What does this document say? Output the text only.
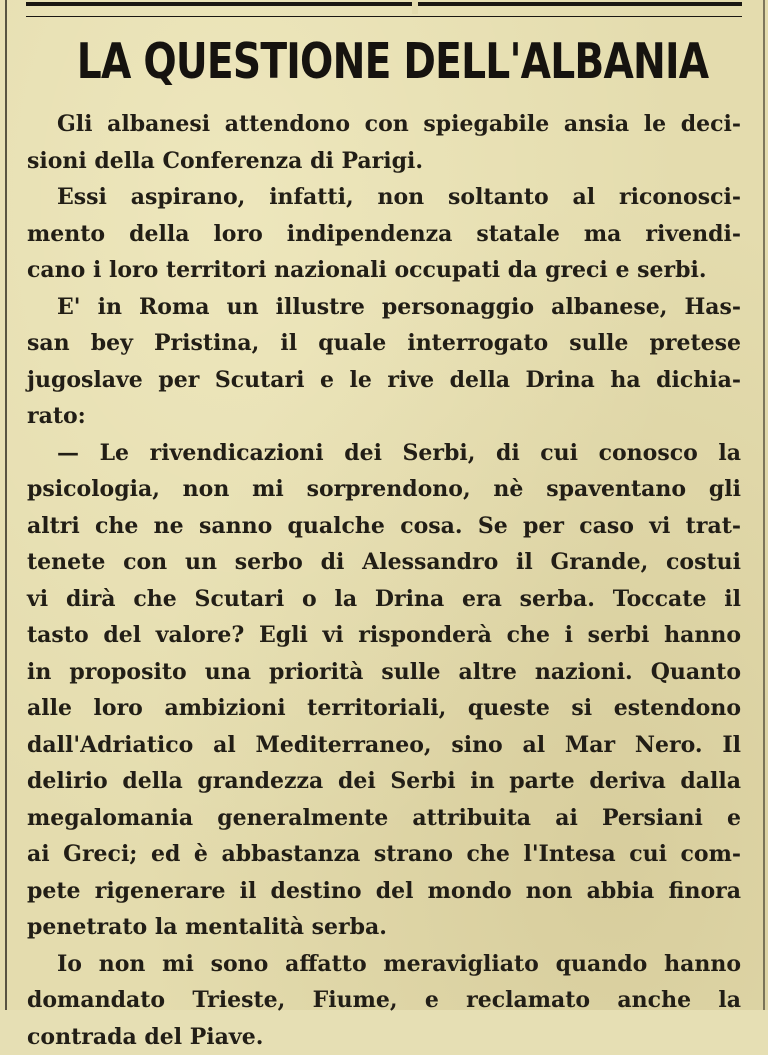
LA QUESTIONE DELL'ALBANIA
Gli albanesi attendono con spiegabile ansia le deci-
sioni della Conferenza di Parigi.
Essi aspirano, infatti, non soltanto al riconosci-
mento della loro indipendenza statale ma rivendi-
cano i loro territori nazionali occupati da greci e serbi.
E' in Roma un illustre personaggio albanese, Has-
san bey Pristina, il quale interrogato sulle pretese
jugoslave per Scutari e le rive della Drina ha dichia-
rato:
— Le rivendicazioni dei Serbi, di cui conosco la
psicologia, non mi sorprendono, nè spaventano gli
altri che ne sanno qualche cosa. Se per caso vi trat-
tenete con un serbo di Alessandro il Grande, costui
vi dirà che Scutari o la Drina era serba. Toccate il
tasto del valore? Egli vi risponderà che i serbi hanno
in proposito una priorità sulle altre nazioni. Quanto
alle loro ambizioni territoriali, queste si estendono
dall'Adriatico al Mediterraneo, sino al Mar Nero. Il
delirio della grandezza dei Serbi in parte deriva dalla
megalomania generalmente attribuita ai Persiani e
ai Greci; ed è abbastanza strano che l'Intesa cui com-
pete rigenerare il destino del mondo non abbia finora
penetrato la mentalità serba.
Io non mi sono affatto meravigliato quando hanno
domandato Trieste, Fiume, e reclamato anche la
contrada del Piave.
